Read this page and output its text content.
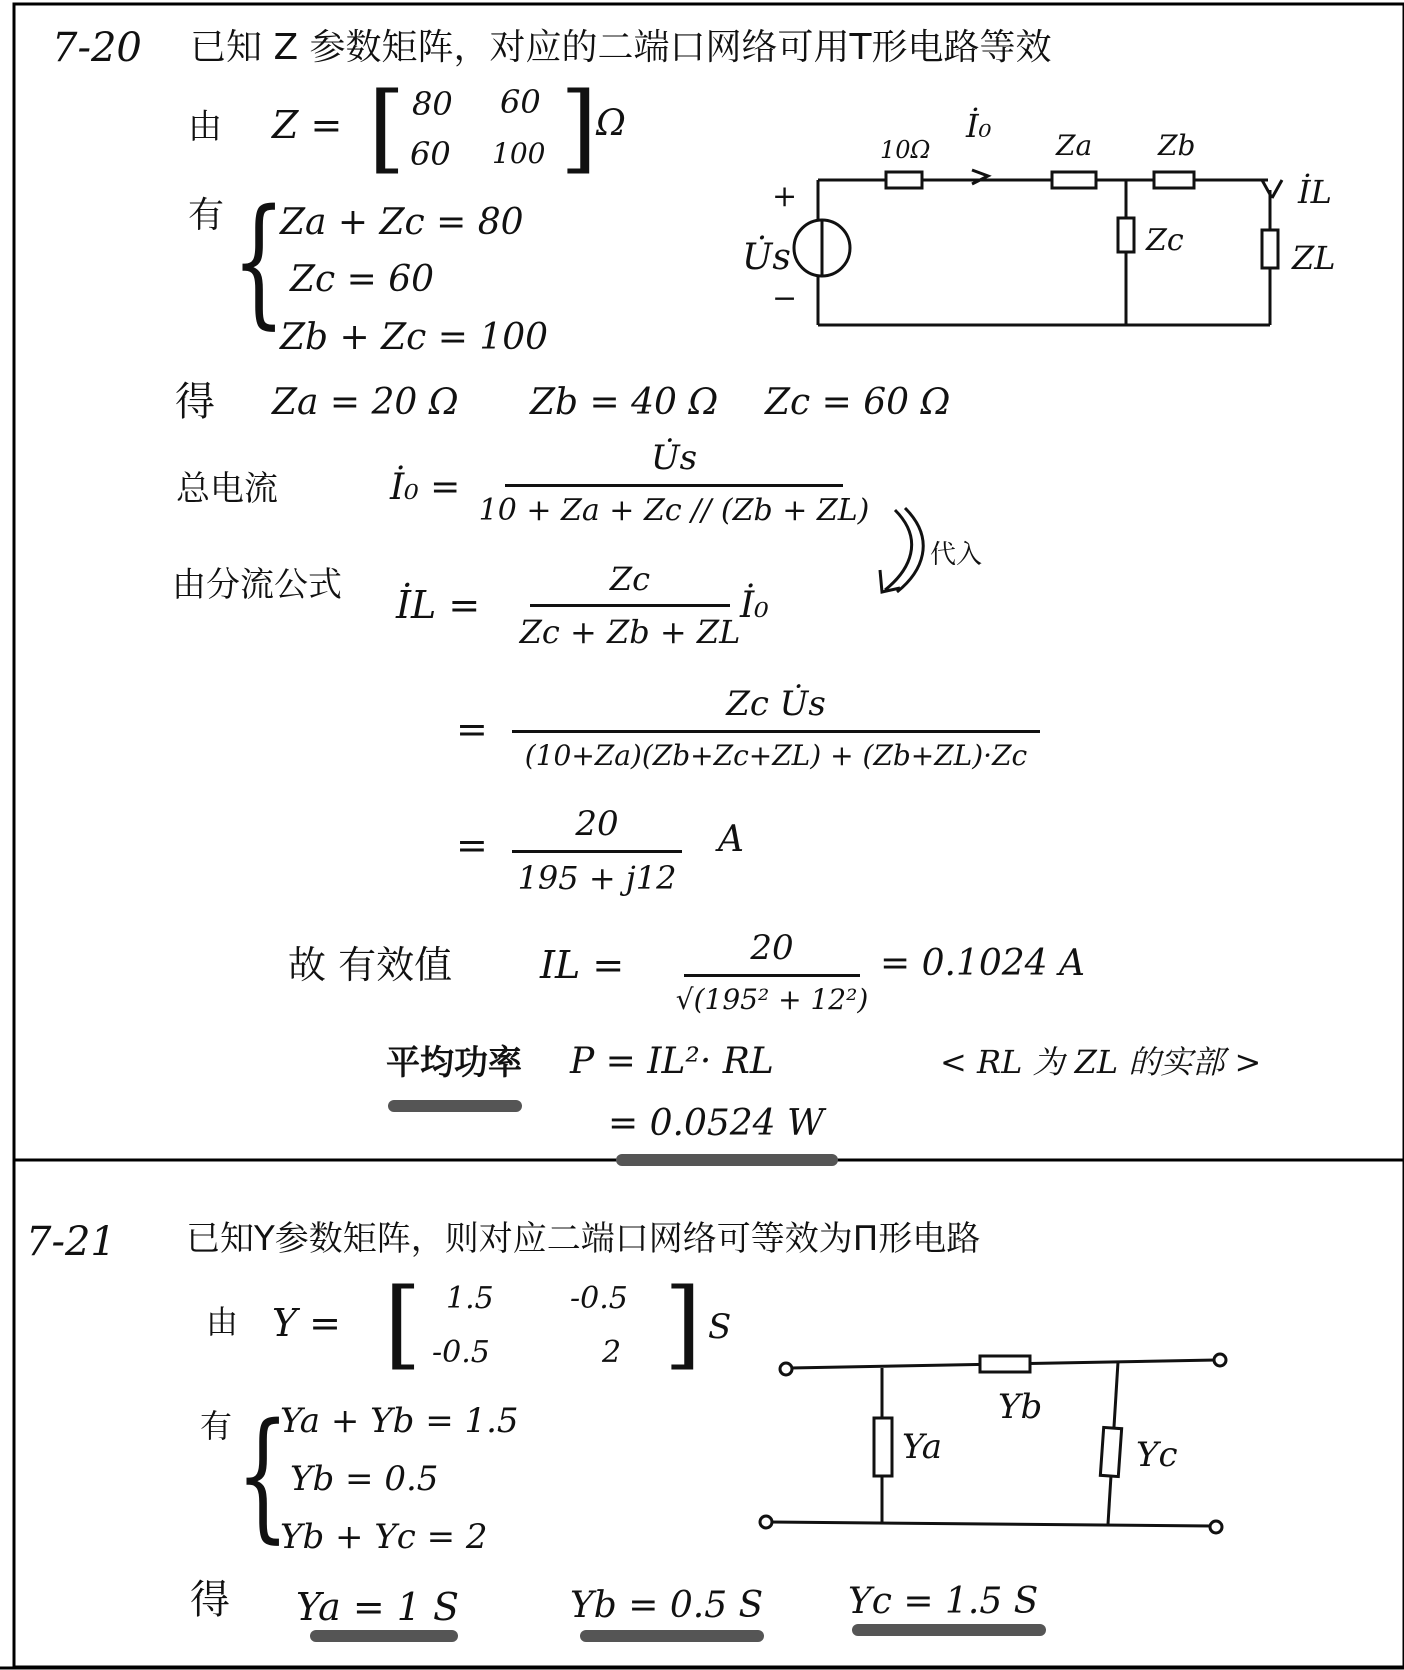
7-20 已知 Z 参数矩阵，对应的二端口网络可用T形电路等效
由 Z = [ 80 60
60 100 ]
Ω
有 {
Za + Zc = 80
Zc = 60
Zb + Zc = 100
得 Za = 20 Ω Zb = 40 Ω Zc = 60 Ω
10Ω
İ₀
Za Zb
İL
Zc	ZL
U̇s
+
−
总电流	İ₀ =
U̇s
10 + Za + Zc // (Zb + ZL)
代入
由分流公式 İL =
Zc
Zc + Zb + ZL
İ₀
=
Zc U̇s
(10+Za)(Zb+Zc+ZL) + (Zb+ZL)·Zc
=	20
195 + j12
A
故 有效值 IL =	20
√(195² + 12²)
= 0.1024 A
平均功率 P = IL²· RL	< RL 为 ZL 的实部 >
= 0.0524 W
7-21 已知Y参数矩阵，则对应二端口网络可等效为Π形电路
由 Y = [ 1.5	-0.5
-0.5	2 ] S
有 {
Ya + Yb = 1.5
Yb = 0.5
Yb + Yc = 2
Yb
Ya	Yc
得 Ya = 1 S	Yb = 0.5 S Yc = 1.5 S
